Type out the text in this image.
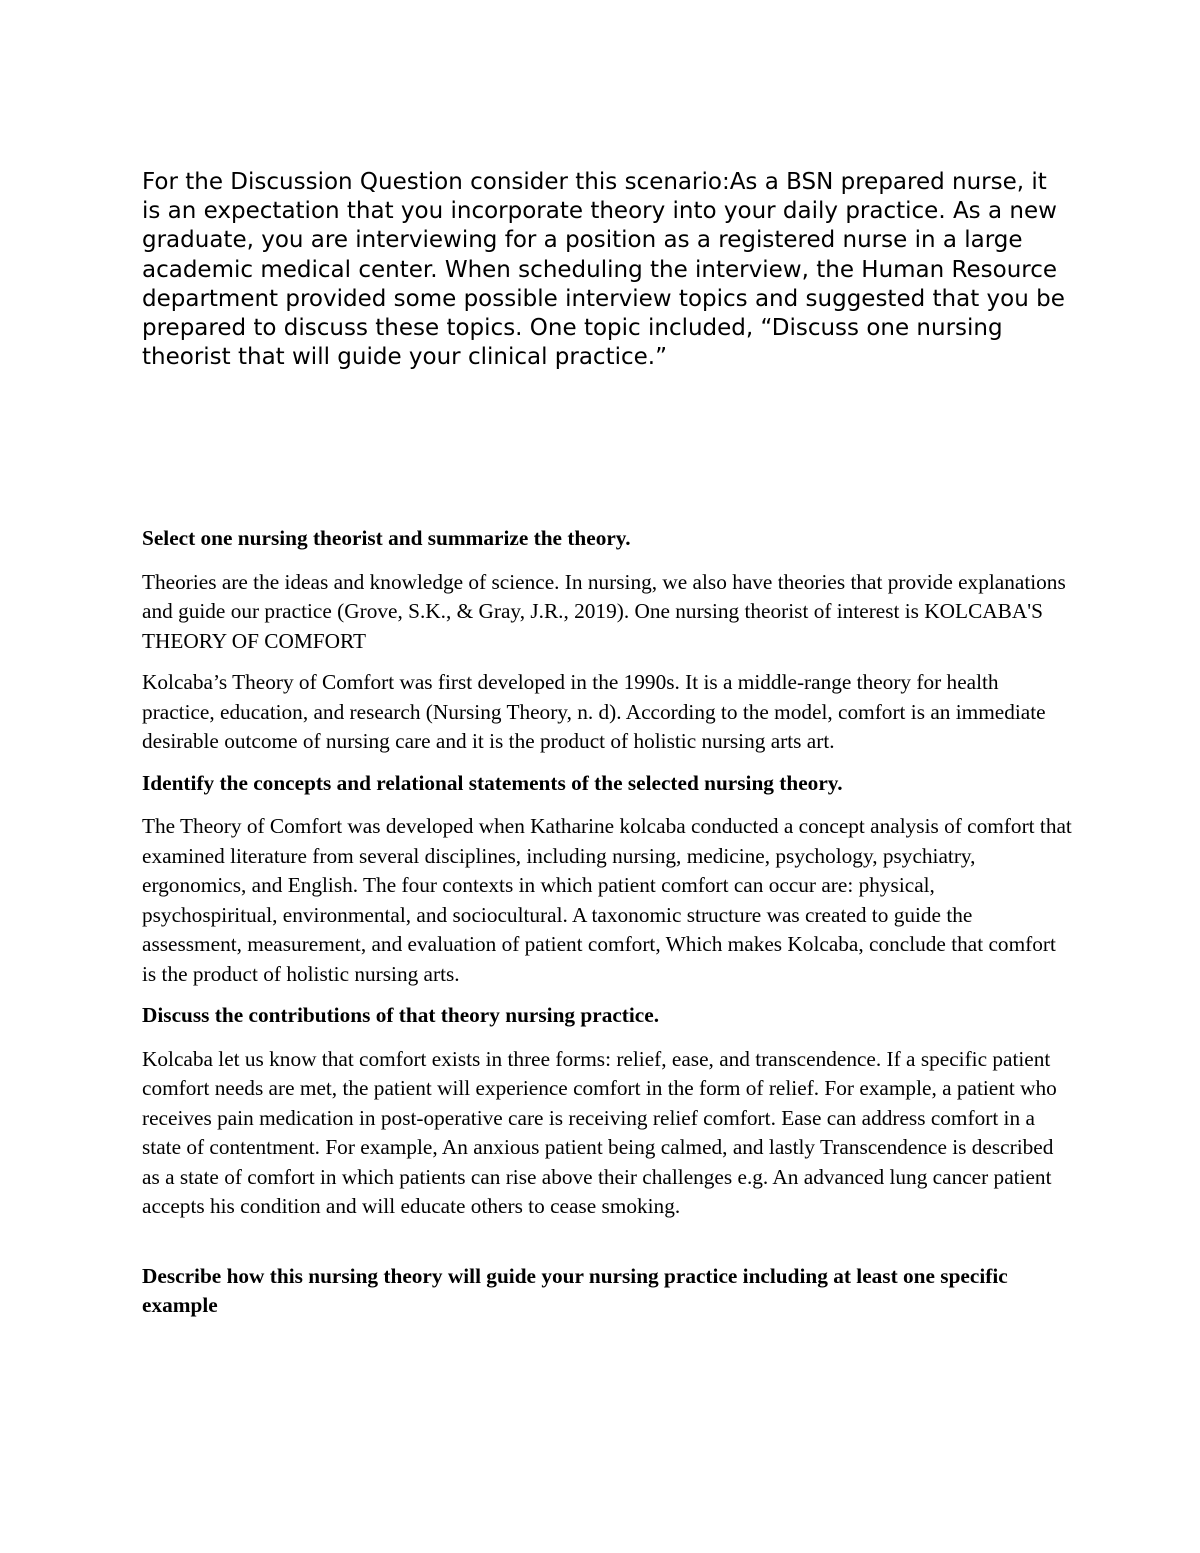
For the Discussion Question consider this scenario:As a BSN prepared nurse, it is an expectation that you incorporate theory into your daily practice. As a new graduate, you are interviewing for a position as a registered nurse in a large academic medical center. When scheduling the interview, the Human Resource department provided some possible interview topics and suggested that you be prepared to discuss these topics. One topic included, “Discuss one nursing theorist that will guide your clinical practice.”

Select one nursing theorist and summarize the theory.

Theories are the ideas and knowledge of science. In nursing, we also have theories that provide explanations and guide our practice (Grove, S.K., & Gray, J.R., 2019). One nursing theorist of interest is KOLCABA'S THEORY OF COMFORT

Kolcaba’s Theory of Comfort was first developed in the 1990s. It is a middle-range theory for health practice, education, and research (Nursing Theory, n. d). According to the model, comfort is an immediate desirable outcome of nursing care and it is the product of holistic nursing arts art.

Identify the concepts and relational statements of the selected nursing theory.

The Theory of Comfort was developed when Katharine kolcaba conducted a concept analysis of comfort that examined literature from several disciplines, including nursing, medicine, psychology, psychiatry, ergonomics, and English. The four contexts in which patient comfort can occur are: physical, psychospiritual, environmental, and sociocultural. A taxonomic structure was created to guide the assessment, measurement, and evaluation of patient comfort, Which makes Kolcaba, conclude that comfort is the product of holistic nursing arts.

Discuss the contributions of that theory nursing practice.

Kolcaba let us know that comfort exists in three forms: relief, ease, and transcendence. If a specific patient comfort needs are met, the patient will experience comfort in the form of relief. For example, a patient who receives pain medication in post-operative care is receiving relief comfort. Ease can address comfort in a state of contentment. For example, An anxious patient being calmed, and lastly Transcendence is described as a state of comfort in which patients can rise above their challenges e.g. An advanced lung cancer patient accepts his condition and will educate others to cease smoking.

Describe how this nursing theory will guide your nursing practice including at least one specific example
